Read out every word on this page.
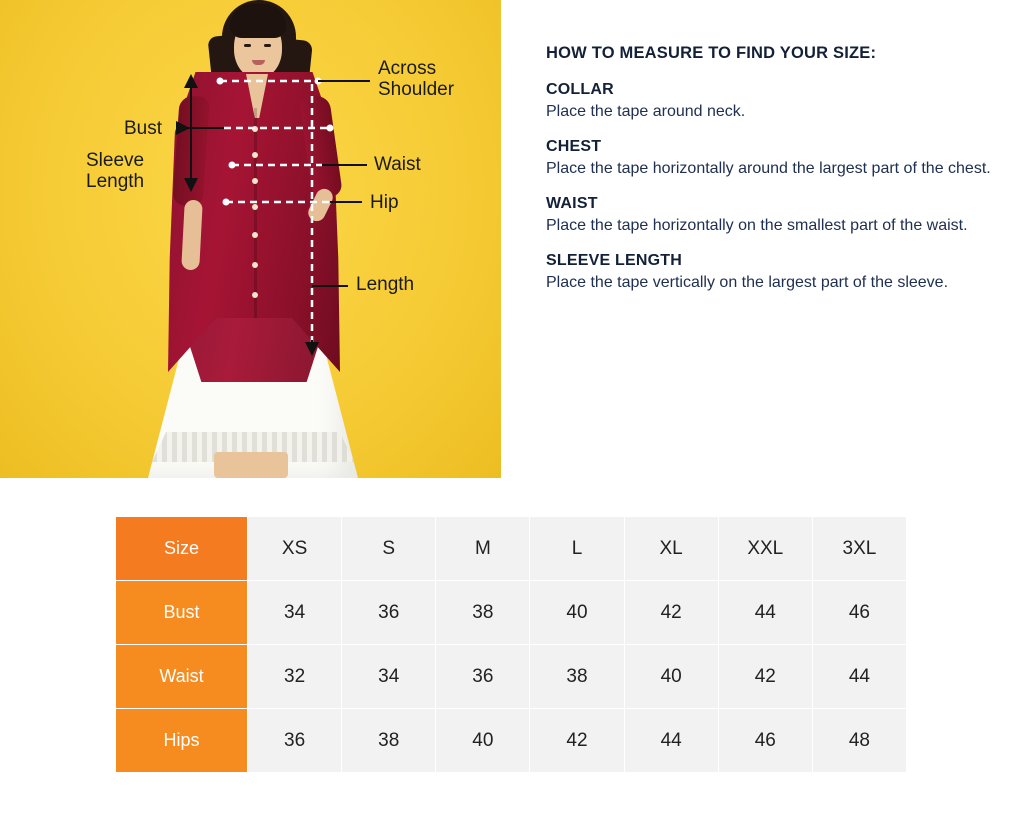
Across
Shoulder
Bust
Sleeve
Length
Waist
Hip
Length
HOW TO MEASURE TO FIND YOUR SIZE:
COLLAR
Place the tape around neck.
CHEST
Place the tape horizontally around the largest part of the chest.
WAIST
Place the tape horizontally on the smallest part of the waist.
SLEEVE LENGTH
Place the tape vertically on the largest part of the sleeve.
Size	XS	S	M	L	XL	XXL	3XL
Bust	34	36	38	40	42	44	46
Waist	32	34	36	38	40	42	44
Hips	36	38	40	42	44	46	48
